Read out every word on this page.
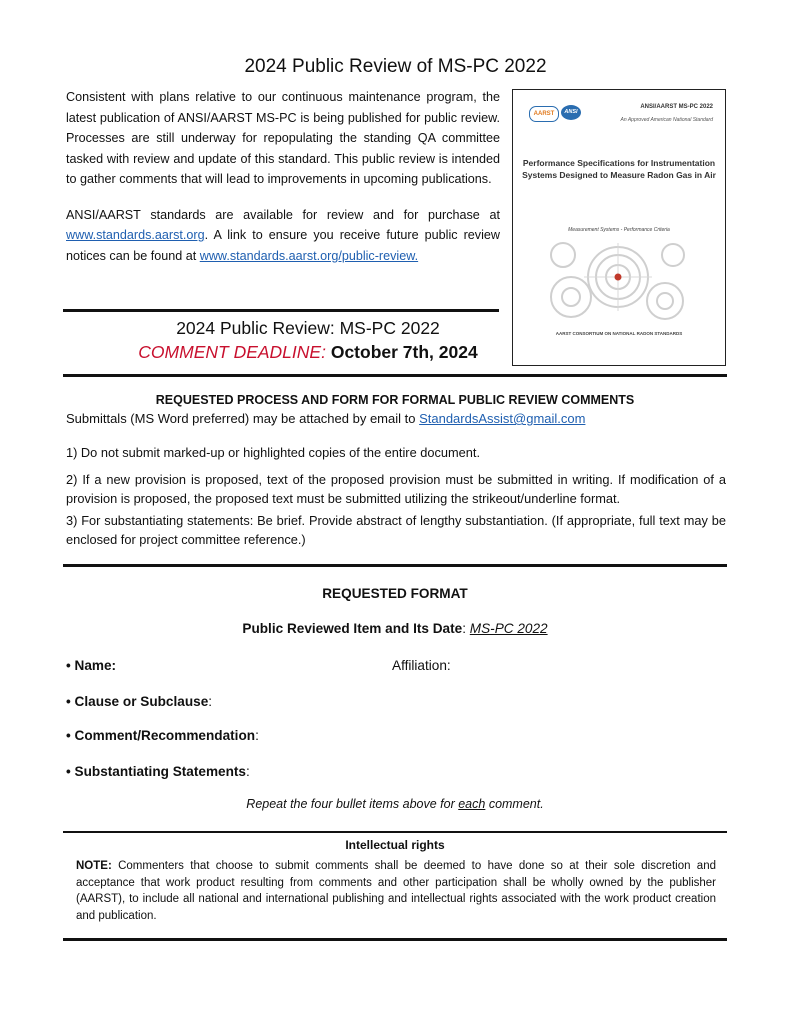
2024 Public Review of MS-PC 2022

Consistent with plans relative to our continuous maintenance program, the latest publication of ANSI/AARST MS-PC is being published for public review. Processes are still underway for repopulating the standing QA committee tasked with review and update of this standard. This public review is intended to gather comments that will lead to improvements in upcoming publications.

ANSI/AARST standards are available for review and for purchase at www.standards.aarst.org. A link to ensure you receive future public review notices can be found at www.standards.aarst.org/public-review.

AARST	ANSI
ANSI/AARST MS-PC 2022
An Approved American National Standard
Performance Specifications for Instrumentation Systems Designed to Measure Radon Gas in Air
Measurement Systems - Performance Criteria
AARST CONSORTIUM ON NATIONAL RADON STANDARDS
2024 Public Review: MS-PC 2022
COMMENT DEADLINE: October 7th, 2024
REQUESTED PROCESS AND FORM FOR FORMAL PUBLIC REVIEW COMMENTS
Submittals (MS Word preferred) may be attached by email to StandardsAssist@gmail.com
1) Do not submit marked-up or highlighted copies of the entire document.
2) If a new provision is proposed, text of the proposed provision must be submitted in writing. If modification of a provision is proposed, the proposed text must be submitted utilizing the strikeout/underline format.
3) For substantiating statements: Be brief. Provide abstract of lengthy substantiation. (If appropriate, full text may be enclosed for project committee reference.)
REQUESTED FORMAT
Public Reviewed Item and Its Date: MS-PC 2022
• Name:	Affiliation:
• Clause or Subclause:
• Comment/Recommendation:
• Substantiating Statements:
Repeat the four bullet items above for each comment.
Intellectual rights
NOTE: Commenters that choose to submit comments shall be deemed to have done so at their sole discretion and acceptance that work product resulting from comments and other participation shall be wholly owned by the publisher (AARST), to include all national and international publishing and intellectual rights associated with the work product creation and publication.
